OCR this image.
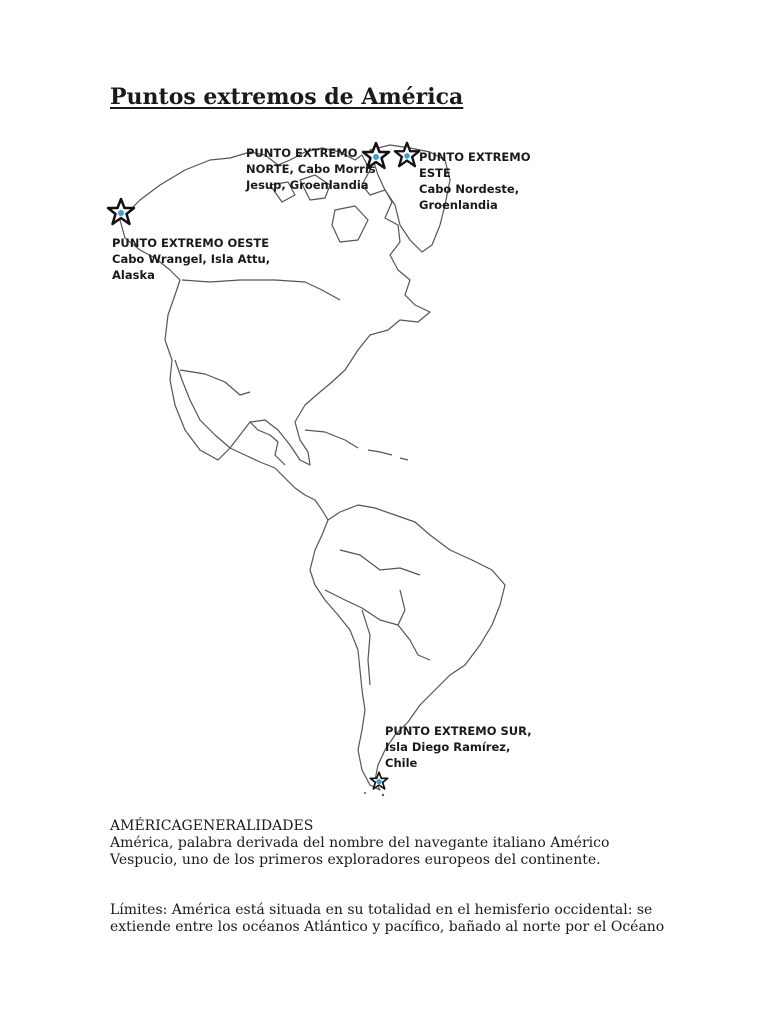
Puntos extremos de América
PUNTO EXTREMO
NORTE, Cabo Morris
Jesup, Groenlandia
PUNTO EXTREMO ESTE
Cabo Nordeste,
Groenlandia
PUNTO EXTREMO OESTE
Cabo Wrangel, Isla Attu,
Alaska
PUNTO EXTREMO SUR,
Isla Diego Ramírez,
Chile
AMÉRICAGENERALIDADES

América, palabra derivada del nombre del navegante italiano Américo Vespucio, uno de los primeros exploradores europeos del continente.

Límites: América está situada en su totalidad en el hemisferio occidental: se extiende entre los océanos Atlántico y pacífico, bañado al norte por el Océano
